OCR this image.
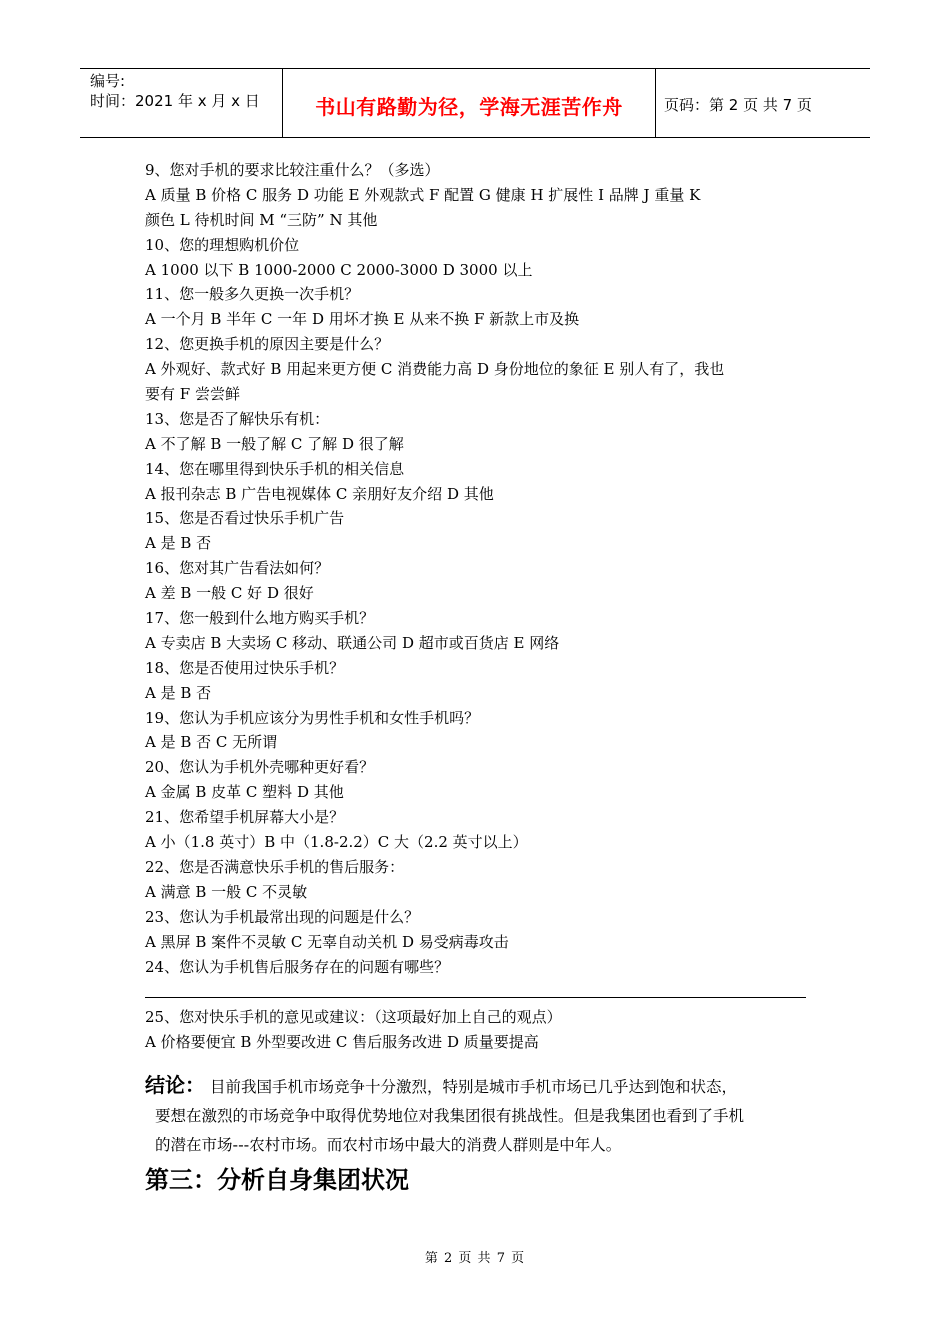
编号:
时间：2021 年 x 月 x 日	书山有路勤为径，学海无涯苦作舟	页码：第 2 页 共 7 页
9、您对手机的要求比较注重什么？（多选）
A 质量 B 价格 C 服务 D 功能 E 外观款式 F 配置 G 健康 H 扩展性 I 品牌 J 重量 K
颜色 L 待机时间 M “三防” N 其他
10、您的理想购机价位
A 1000 以下 B 1000-2000 C 2000-3000 D 3000 以上
11、您一般多久更换一次手机？
A 一个月 B 半年 C 一年 D 用坏才换 E 从来不换 F 新款上市及换
12、您更换手机的原因主要是什么？
A 外观好、款式好 B 用起来更方便 C 消费能力高 D 身份地位的象征 E 别人有了，我也
要有 F 尝尝鲜
13、您是否了解快乐有机：
A 不了解 B 一般了解 C 了解 D 很了解
14、您在哪里得到快乐手机的相关信息
A 报刊杂志 B 广告电视媒体 C 亲朋好友介绍 D 其他
15、您是否看过快乐手机广告
A 是 B 否
16、您对其广告看法如何？
A 差 B 一般 C 好 D 很好
17、您一般到什么地方购买手机？
A 专卖店 B 大卖场 C 移动、联通公司 D 超市或百货店 E 网络
18、您是否使用过快乐手机？
A 是 B 否
19、您认为手机应该分为男性手机和女性手机吗？
A 是 B 否 C 无所谓
20、您认为手机外壳哪种更好看？
A 金属 B 皮革 C 塑料 D 其他
21、您希望手机屏幕大小是？
A 小（1.8 英寸）B 中（1.8-2.2）C 大（2.2 英寸以上）
22、您是否满意快乐手机的售后服务：
A 满意 B 一般 C 不灵敏
23、您认为手机最常出现的问题是什么？
A 黑屏 B 案件不灵敏 C 无辜自动关机 D 易受病毒攻击
24、您认为手机售后服务存在的问题有哪些？
25、您对快乐手机的意见或建议：（这项最好加上自己的观点）
A 价格要便宜 B 外型要改进 C 售后服务改进 D 质量要提高
结论： 目前我国手机市场竞争十分激烈，特别是城市手机市场已几乎达到饱和状态，
要想在激烈的市场竞争中取得优势地位对我集团很有挑战性。但是我集团也看到了手机
的潜在市场---农村市场。而农村市场中最大的消费人群则是中年人。
第三：分析自身集团状况
第 2 页 共 7 页
